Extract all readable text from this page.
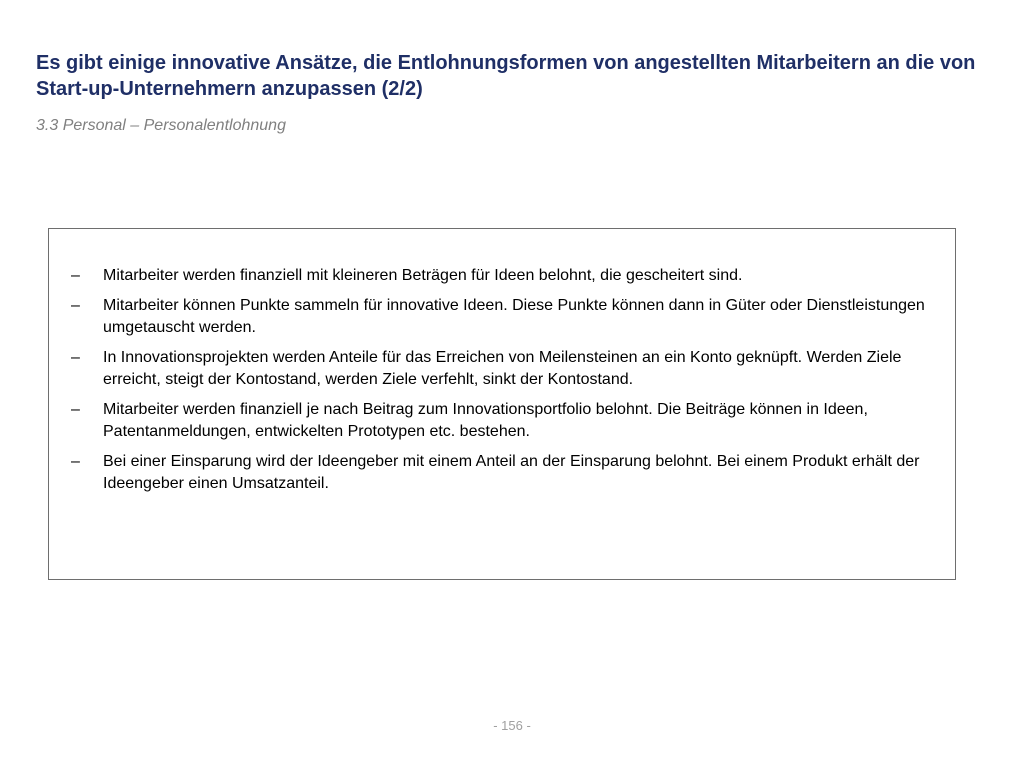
Es gibt einige innovative Ansätze, die Entlohnungsformen von angestellten Mitarbeitern an die von Start-up-Unternehmern anzupassen (2/2)

3.3 Personal – Personalentlohnung

–	Mitarbeiter werden finanziell mit kleineren Beträgen für Ideen belohnt, die gescheitert sind.
–	Mitarbeiter können Punkte sammeln für innovative Ideen. Diese Punkte können dann in Güter oder Dienstleistungen umgetauscht werden.
–	In Innovationsprojekten werden Anteile für das Erreichen von Meilensteinen an ein Konto geknüpft. Werden Ziele erreicht, steigt der Kontostand, werden Ziele verfehlt, sinkt der Kontostand.
–	Mitarbeiter werden finanziell je nach Beitrag zum Innovationsportfolio belohnt. Die Beiträge können in Ideen, Patentanmeldungen, entwickelten Prototypen etc. bestehen.
–	Bei einer Einsparung wird der Ideengeber mit einem Anteil an der Einsparung belohnt. Bei einem Produkt erhält der Ideengeber einen Umsatzanteil.
- 156 -
